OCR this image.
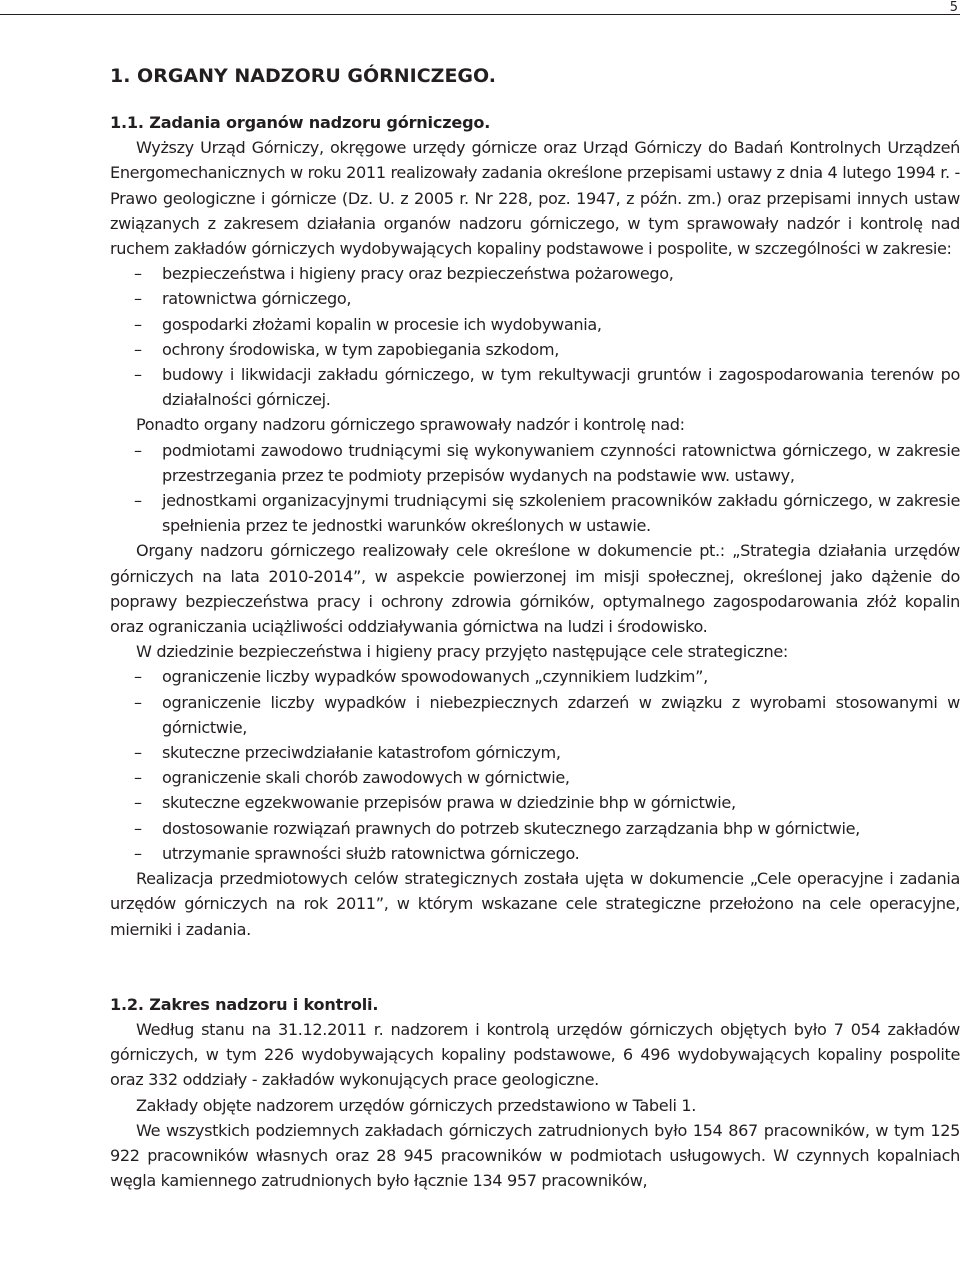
5
1. ORGANY NADZORU GÓRNICZEGO.
1.1. Zadania organów nadzoru górniczego.

Wyższy Urząd Górniczy, okręgowe urzędy górnicze oraz Urząd Górniczy do Badań Kontrolnych Urządzeń Energomechanicznych w roku 2011 realizowały zadania określone przepisami ustawy z dnia 4 lutego 1994 r. - Prawo geologiczne i górnicze (Dz. U. z 2005 r. Nr 228, poz. 1947, z późn. zm.) oraz przepisami innych ustaw związanych z zakresem działania organów nadzoru górniczego, w tym sprawowały nadzór i kontrolę nad ruchem zakładów górniczych wydobywających kopaliny podstawowe i pospolite, w szczególności w zakresie:

– bezpieczeństwa i higieny pracy oraz bezpieczeństwa pożarowego,
– ratownictwa górniczego,
– gospodarki złożami kopalin w procesie ich wydobywania,
– ochrony środowiska, w tym zapobiegania szkodom,
– budowy i likwidacji zakładu górniczego, w tym rekultywacji gruntów i zagospodarowania terenów po działalności górniczej.

Ponadto organy nadzoru górniczego sprawowały nadzór i kontrolę nad:

– podmiotami zawodowo trudniącymi się wykonywaniem czynności ratownictwa górniczego, w zakresie przestrzegania przez te podmioty przepisów wydanych na podstawie ww. ustawy,
– jednostkami organizacyjnymi trudniącymi się szkoleniem pracowników zakładu górniczego, w zakresie spełnienia przez te jednostki warunków określonych w ustawie.

Organy nadzoru górniczego realizowały cele określone w dokumencie pt.: „Strategia działania urzędów górniczych na lata 2010-2014”, w aspekcie powierzonej im misji społecznej, określonej jako dążenie do poprawy bezpieczeństwa pracy i ochrony zdrowia górników, optymalnego zagospodarowania złóż kopalin oraz ograniczania uciążliwości oddziaływania górnictwa na ludzi i środowisko.

W dziedzinie bezpieczeństwa i higieny pracy przyjęto następujące cele strategiczne:

– ograniczenie liczby wypadków spowodowanych „czynnikiem ludzkim”,
– ograniczenie liczby wypadków i niebezpiecznych zdarzeń w związku z wyrobami stosowanymi w górnictwie,
– skuteczne przeciwdziałanie katastrofom górniczym,
– ograniczenie skali chorób zawodowych w górnictwie,
– skuteczne egzekwowanie przepisów prawa w dziedzinie bhp w górnictwie,
– dostosowanie rozwiązań prawnych do potrzeb skutecznego zarządzania bhp w górnictwie,
– utrzymanie sprawności służb ratownictwa górniczego.

Realizacja przedmiotowych celów strategicznych została ujęta w dokumencie „Cele operacyjne i zadania urzędów górniczych na rok 2011”, w którym wskazane cele strategiczne przełożono na cele operacyjne, mierniki i zadania.

1.2. Zakres nadzoru i kontroli.

Według stanu na 31.12.2011 r. nadzorem i kontrolą urzędów górniczych objętych było 7 054 zakładów górniczych, w tym 226 wydobywających kopaliny podstawowe, 6 496 wydobywających kopaliny pospolite oraz 332 oddziały - zakładów wykonujących prace geologiczne.

Zakłady objęte nadzorem urzędów górniczych przedstawiono w Tabeli 1.

We wszystkich podziemnych zakładach górniczych zatrudnionych było 154 867 pracowników, w tym 125 922 pracowników własnych oraz 28 945 pracowników w podmiotach usługowych. W czynnych kopalniach węgla kamiennego zatrudnionych było łącznie 134 957 pracowników,
